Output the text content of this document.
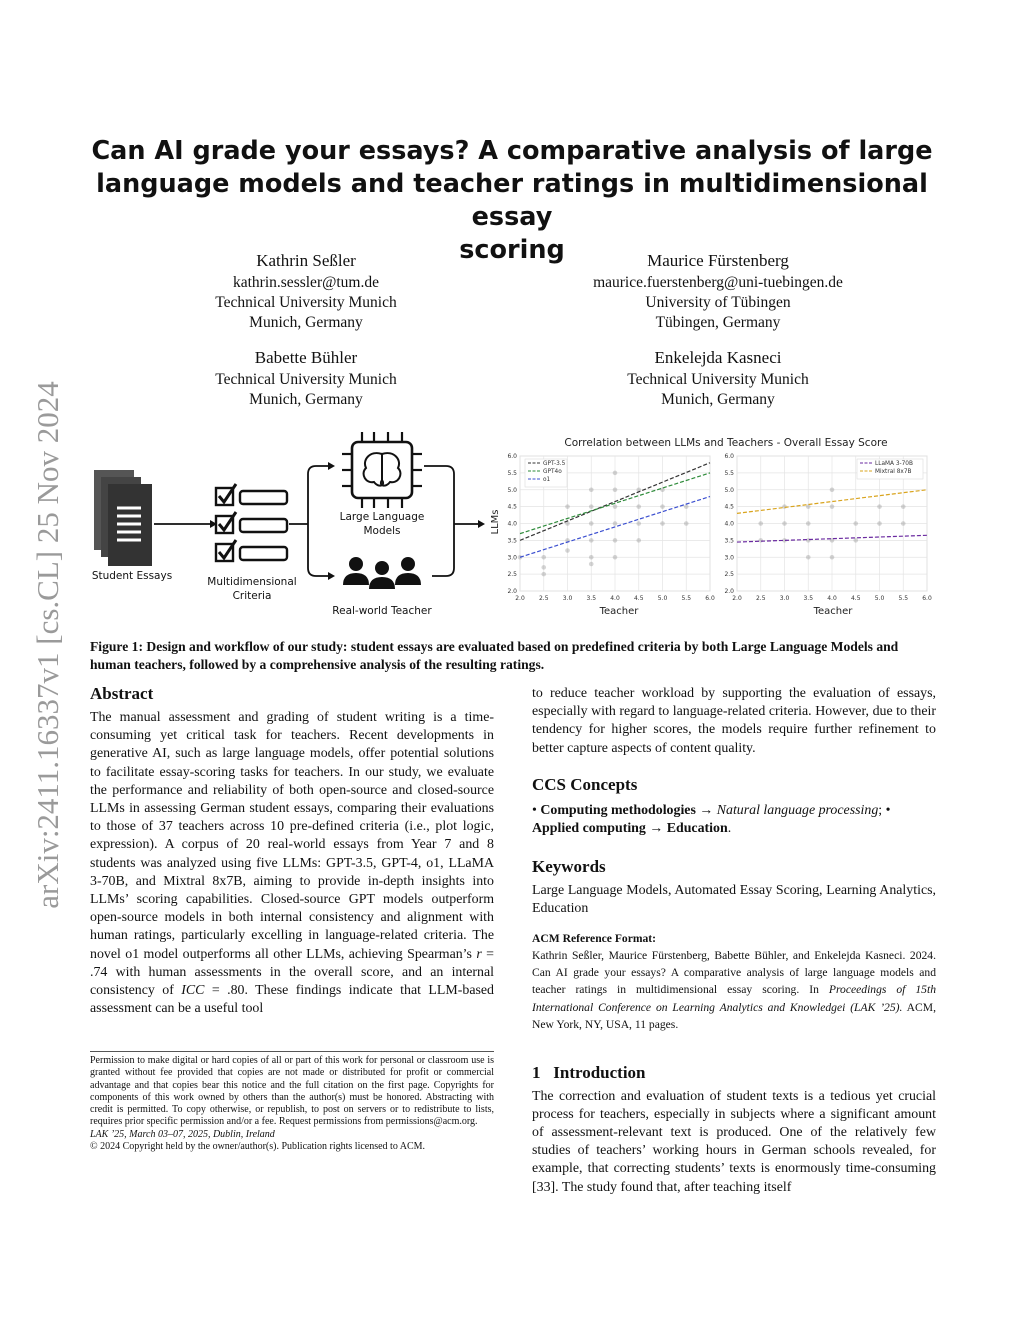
arXiv:2411.16337v1 [cs.CL] 25 Nov 2024
Can AI grade your essays? A comparative analysis of large
language models and teacher ratings in multidimensional essay
scoring
Kathrin Seßler
kathrin.sessler@tum.de
Technical University Munich
Munich, Germany
Maurice Fürstenberg
maurice.fuerstenberg@uni-tuebingen.de
University of Tübingen
Tübingen, Germany
Babette Bühler
Technical University Munich
Munich, Germany
Enkelejda Kasneci
Technical University Munich
Munich, Germany
Student Essays	Multidimensional
Criteria
Large Language
Models
Real-world Teacher
Correlation between LLMs and Teachers - Overall Essay Score
LLMs
Teacher	Teacher
2.0 2.5 3.0 3.5 4.0 4.5 5.0 5.5 6.0
2.0
2.5
3.0
3.5
4.0
4.5
5.0
5.5
6.0
GPT-3.5
GPT4o
o1
2.0 2.5 3.0 3.5 4.0 4.5 5.0 5.5 6.0
2.0
2.5
3.0
3.5
4.0
4.5
5.0
5.5
6.0
LLaMA 3-70B
Mixtral 8x7B
Figure 1: Design and workflow of our study: student essays are evaluated based on predefined criteria by both Large Language Models and human teachers, followed by a comprehensive analysis of the resulting ratings.
Abstract
The manual assessment and grading of student writing is a time-consuming yet critical task for teachers. Recent developments in generative AI, such as large language models, offer potential solutions to facilitate essay-scoring tasks for teachers. In our study, we evaluate the performance and reliability of both open-source and closed-source LLMs in assessing German student essays, comparing their evaluations to those of 37 teachers across 10 pre-defined criteria (i.e., plot logic, expression). A corpus of 20 real-world essays from Year 7 and 8 students was analyzed using five LLMs: GPT-3.5, GPT-4, o1, LLaMA 3-70B, and Mixtral 8x7B, aiming to provide in-depth insights into LLMs’ scoring capabilities. Closed-source GPT models outperform open-source models in both internal consistency and alignment with human ratings, particularly excelling in language-related criteria. The novel o1 model outperforms all other LLMs, achieving Spearman’s r = .74 with human assessments in the overall score, and an internal consistency of ICC = .80. These findings indicate that LLM-based assessment can be a useful tool
Permission to make digital or hard copies of all or part of this work for personal or classroom use is granted without fee provided that copies are not made or distributed for profit or commercial advantage and that copies bear this notice and the full citation on the first page. Copyrights for components of this work owned by others than the author(s) must be honored. Abstracting with credit is permitted. To copy otherwise, or republish, to post on servers or to redistribute to lists, requires prior specific permission and/or a fee. Request permissions from permissions@acm.org.
LAK ’25, March 03–07, 2025, Dublin, Ireland
© 2024 Copyright held by the owner/author(s). Publication rights licensed to ACM.
to reduce teacher workload by supporting the evaluation of essays, especially with regard to language-related criteria. However, due to their tendency for higher scores, the models require further refinement to better capture aspects of content quality.
CCS Concepts
• Computing methodologies → Natural language processing; • Applied computing → Education.
Keywords
Large Language Models, Automated Essay Scoring, Learning Analytics, Education
ACM Reference Format:
Kathrin Seßler, Maurice Fürstenberg, Babette Bühler, and Enkelejda Kasneci. 2024. Can AI grade your essays? A comparative analysis of large language models and teacher ratings in multidimensional essay scoring. In Proceedings of 15th International Conference on Learning Analytics and Knowledgei (LAK ’25). ACM, New York, NY, USA, 11 pages.
1 Introduction
The correction and evaluation of student texts is a tedious yet crucial process for teachers, especially in subjects where a significant amount of assessment-relevant text is produced. One of the relatively few studies of teachers’ working hours in German schools revealed, for example, that correcting students’ texts is enormously time-consuming [33]. The study found that, after teaching itself
